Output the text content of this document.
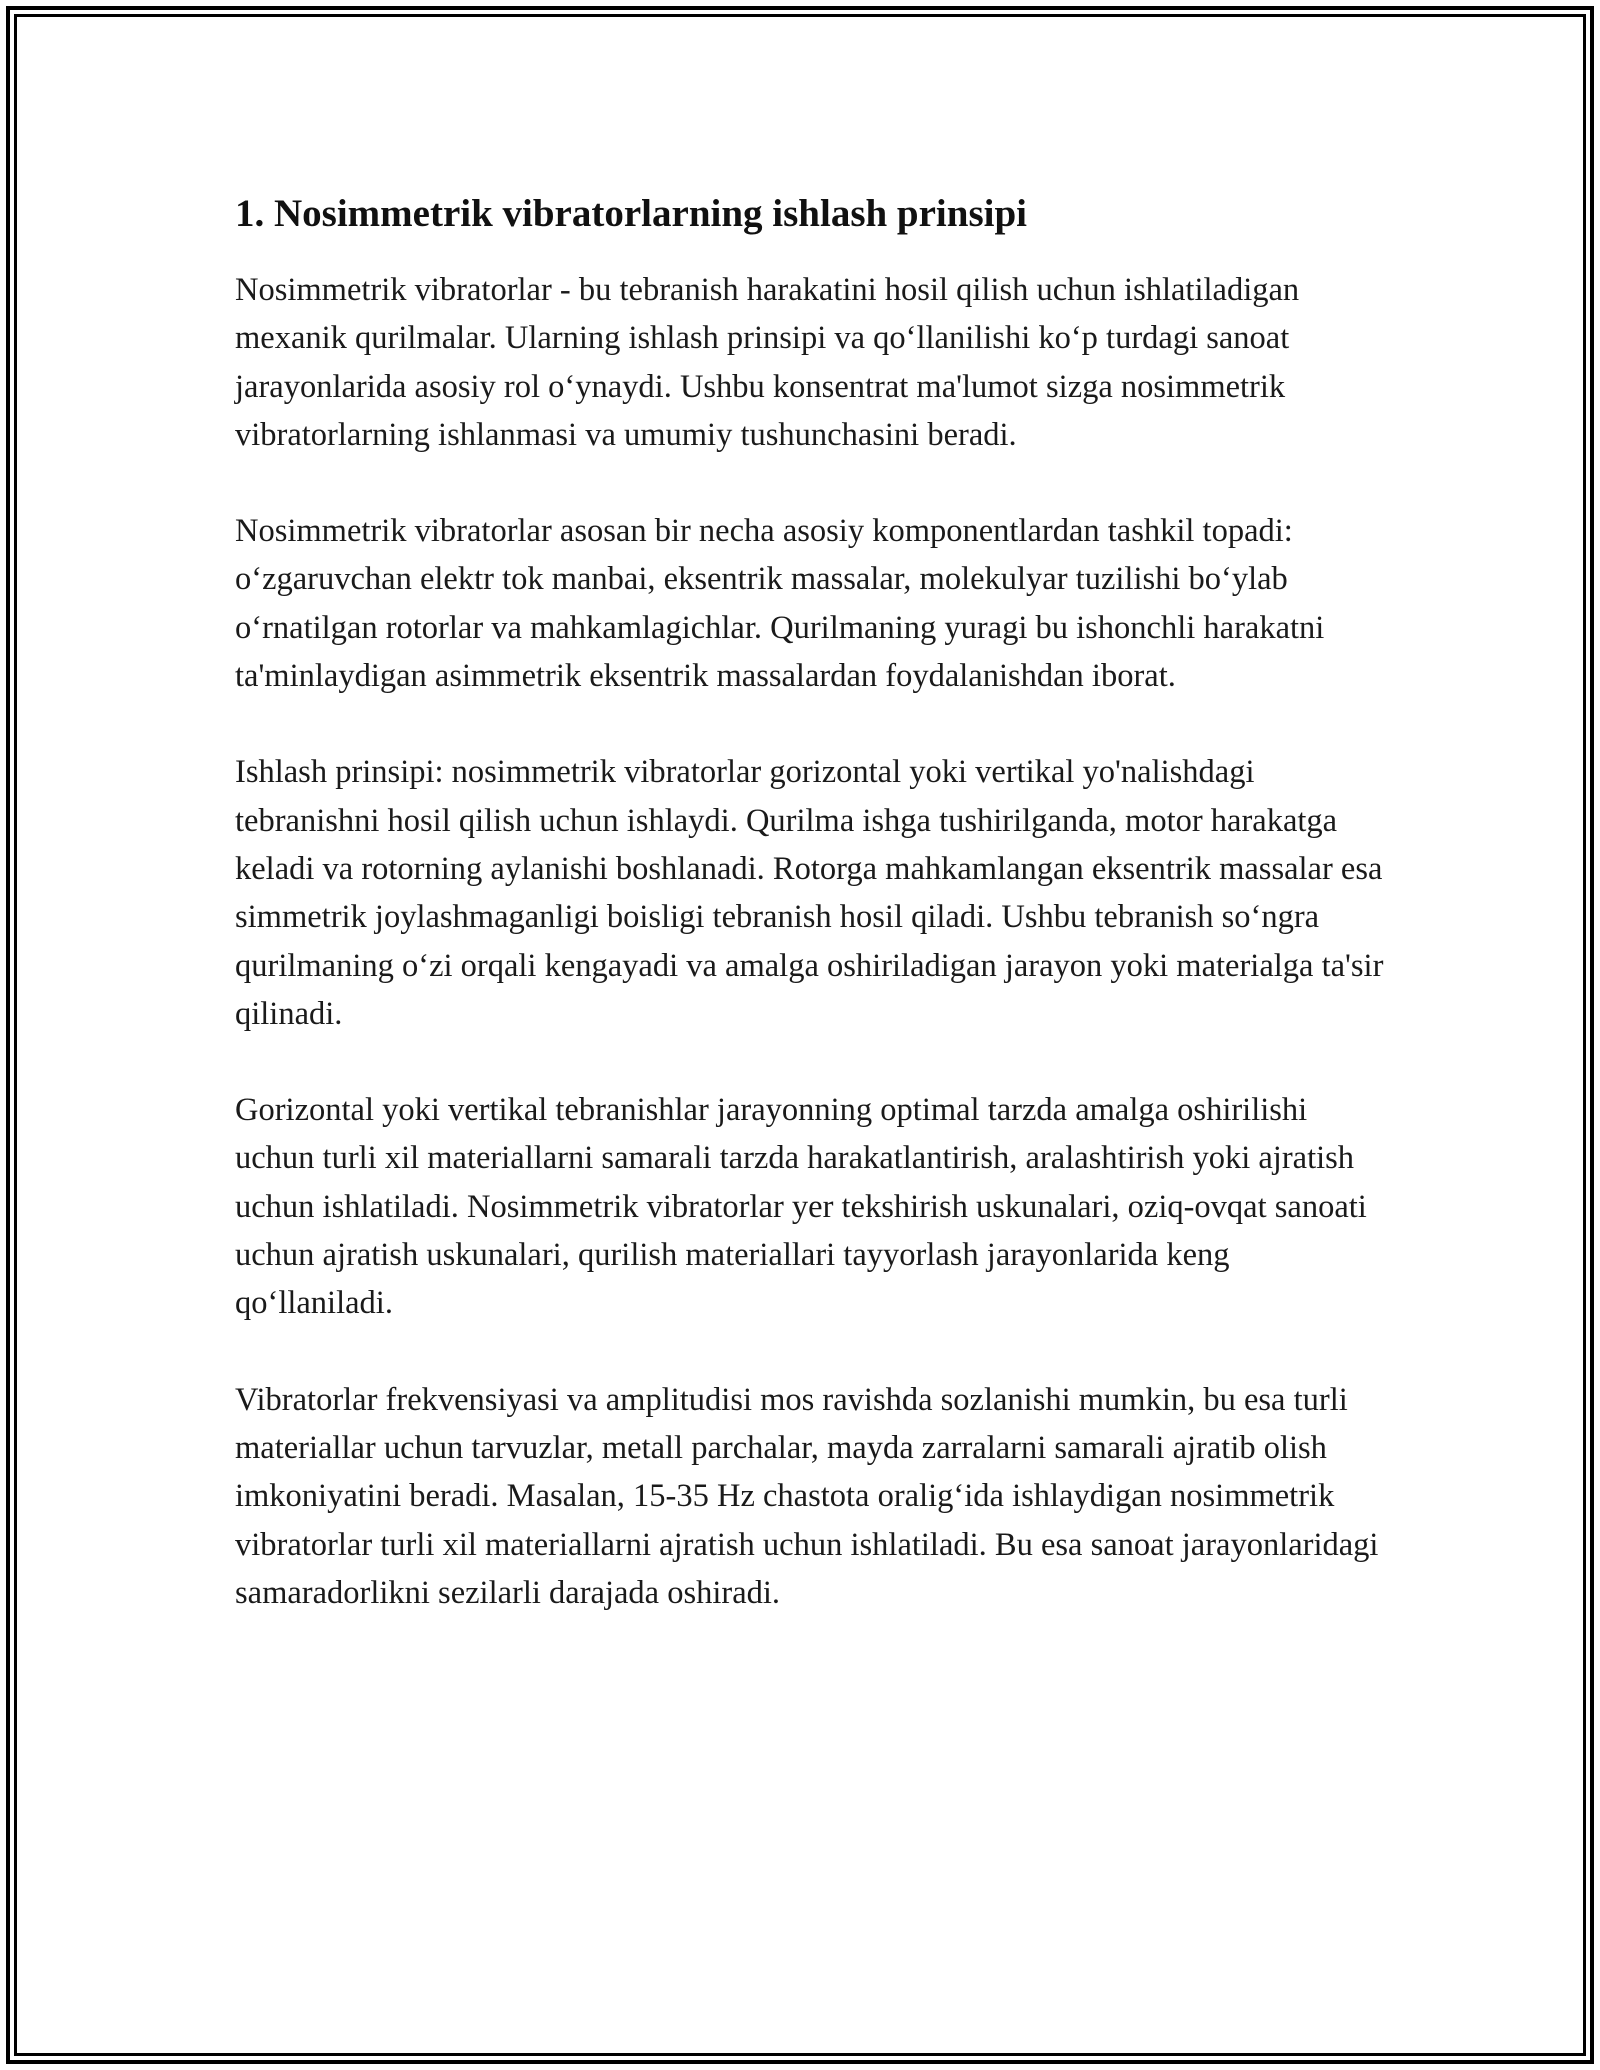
1. Nosimmetrik vibratorlarning ishlash prinsipi

Nosimmetrik vibratorlar - bu tebranish harakatini hosil qilish uchun ishlatiladigan mexanik qurilmalar. Ularning ishlash prinsipi va qo‘llanilishi ko‘p turdagi sanoat jarayonlarida asosiy rol o‘ynaydi. Ushbu konsentrat ma'lumot sizga nosimmetrik vibratorlarning ishlanmasi va umumiy tushunchasini beradi.

Nosimmetrik vibratorlar asosan bir necha asosiy komponentlardan tashkil topadi: o‘zgaruvchan elektr tok manbai, eksentrik massalar, molekulyar tuzilishi bo‘ylab o‘rnatilgan rotorlar va mahkamlagichlar. Qurilmaning yuragi bu ishonchli harakatni ta'minlaydigan asimmetrik eksentrik massalardan foydalanishdan iborat.

Ishlash prinsipi: nosimmetrik vibratorlar gorizontal yoki vertikal yo'nalishdagi tebranishni hosil qilish uchun ishlaydi. Qurilma ishga tushirilganda, motor harakatga keladi va rotorning aylanishi boshlanadi. Rotorga mahkamlangan eksentrik massalar esa simmetrik joylashmaganligi boisligi tebranish hosil qiladi. Ushbu tebranish so‘ngra qurilmaning o‘zi orqali kengayadi va amalga oshiriladigan jarayon yoki materialga ta'sir qilinadi.

Gorizontal yoki vertikal tebranishlar jarayonning optimal tarzda amalga oshirilishi uchun turli xil materiallarni samarali tarzda harakatlantirish, aralashtirish yoki ajratish uchun ishlatiladi. Nosimmetrik vibratorlar yer tekshirish uskunalari, oziq-ovqat sanoati uchun ajratish uskunalari, qurilish materiallari tayyorlash jarayonlarida keng qo‘llaniladi.

Vibratorlar frekvensiyasi va amplitudisi mos ravishda sozlanishi mumkin, bu esa turli materiallar uchun tarvuzlar, metall parchalar, mayda zarralarni samarali ajratib olish imkoniyatini beradi. Masalan, 15-35 Hz chastota oralig‘ida ishlaydigan nosimmetrik vibratorlar turli xil materiallarni ajratish uchun ishlatiladi. Bu esa sanoat jarayonlaridagi samaradorlikni sezilarli darajada oshiradi.
